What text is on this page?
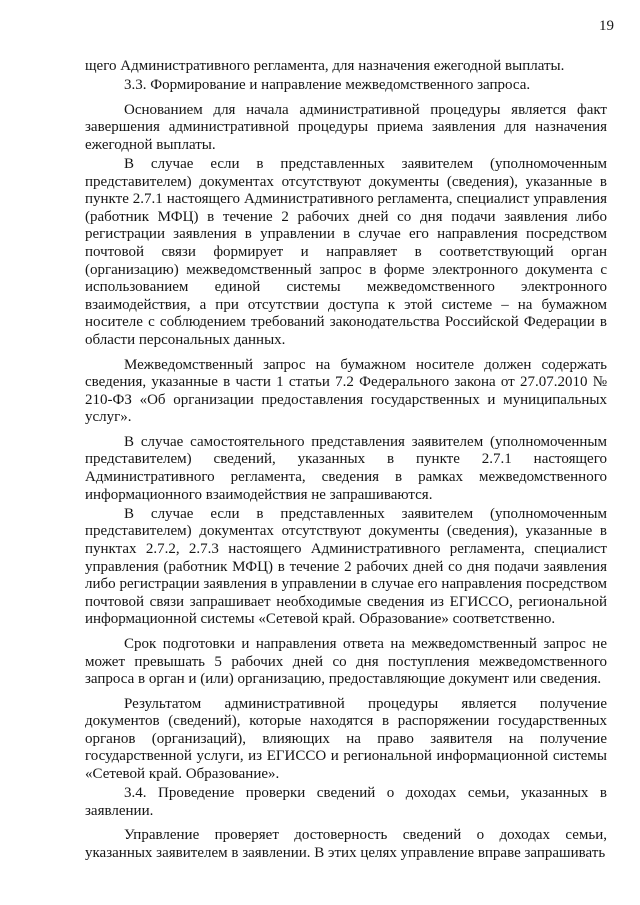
19

щего Административного регламента, для назначения ежегодной выплаты.

3.3. Формирование и направление межведомственного запроса.

Основанием для начала административной процедуры является факт завершения административной процедуры приема заявления для назначения ежегодной выплаты.

В случае если в представленных заявителем (уполномоченным представителем) документах отсутствуют документы (сведения), указанные в пункте 2.7.1 настоящего Административного регламента, специалист управления (работник МФЦ) в течение 2 рабочих дней со дня подачи заявления либо регистрации заявления в управлении в случае его направления посредством почтовой связи формирует и направляет в соответствующий орган (организацию) межведомственный запрос в форме электронного документа с использованием единой системы межведомственного электронного взаимодействия, а при отсутствии доступа к этой системе – на бумажном носителе с соблюдением требований законодательства Российской Федерации в области персональных данных.

Межведомственный запрос на бумажном носителе должен содержать сведения, указанные в части 1 статьи 7.2 Федерального закона от 27.07.2010 № 210-ФЗ «Об организации предоставления государственных и муниципальных услуг».

В случае самостоятельного представления заявителем (уполномоченным представителем) сведений, указанных в пункте 2.7.1 настоящего Административного регламента, сведения в рамках межведомственного информационного взаимодействия не запрашиваются.

В случае если в представленных заявителем (уполномоченным представителем) документах отсутствуют документы (сведения), указанные в пунктах 2.7.2, 2.7.3 настоящего Административного регламента, специалист управления (работник МФЦ) в течение 2 рабочих дней со дня подачи заявления либо регистрации заявления в управлении в случае его направления посредством почтовой связи запрашивает необходимые сведения из ЕГИССО, региональной информационной системы «Сетевой край. Образование» соответственно.

Срок подготовки и направления ответа на межведомственный запрос не может превышать 5 рабочих дней со дня поступления межведомственного запроса в орган и (или) организацию, предоставляющие документ или сведения.

Результатом административной процедуры является получение документов (сведений), которые находятся в распоряжении государственных органов (организаций), влияющих на право заявителя на получение государственной услуги, из ЕГИССО и региональной информационной системы «Сетевой край. Образование».

3.4. Проведение проверки сведений о доходах семьи, указанных в заявлении.

Управление проверяет достоверность сведений о доходах семьи, указанных заявителем в заявлении. В этих целях управление вправе запрашивать
